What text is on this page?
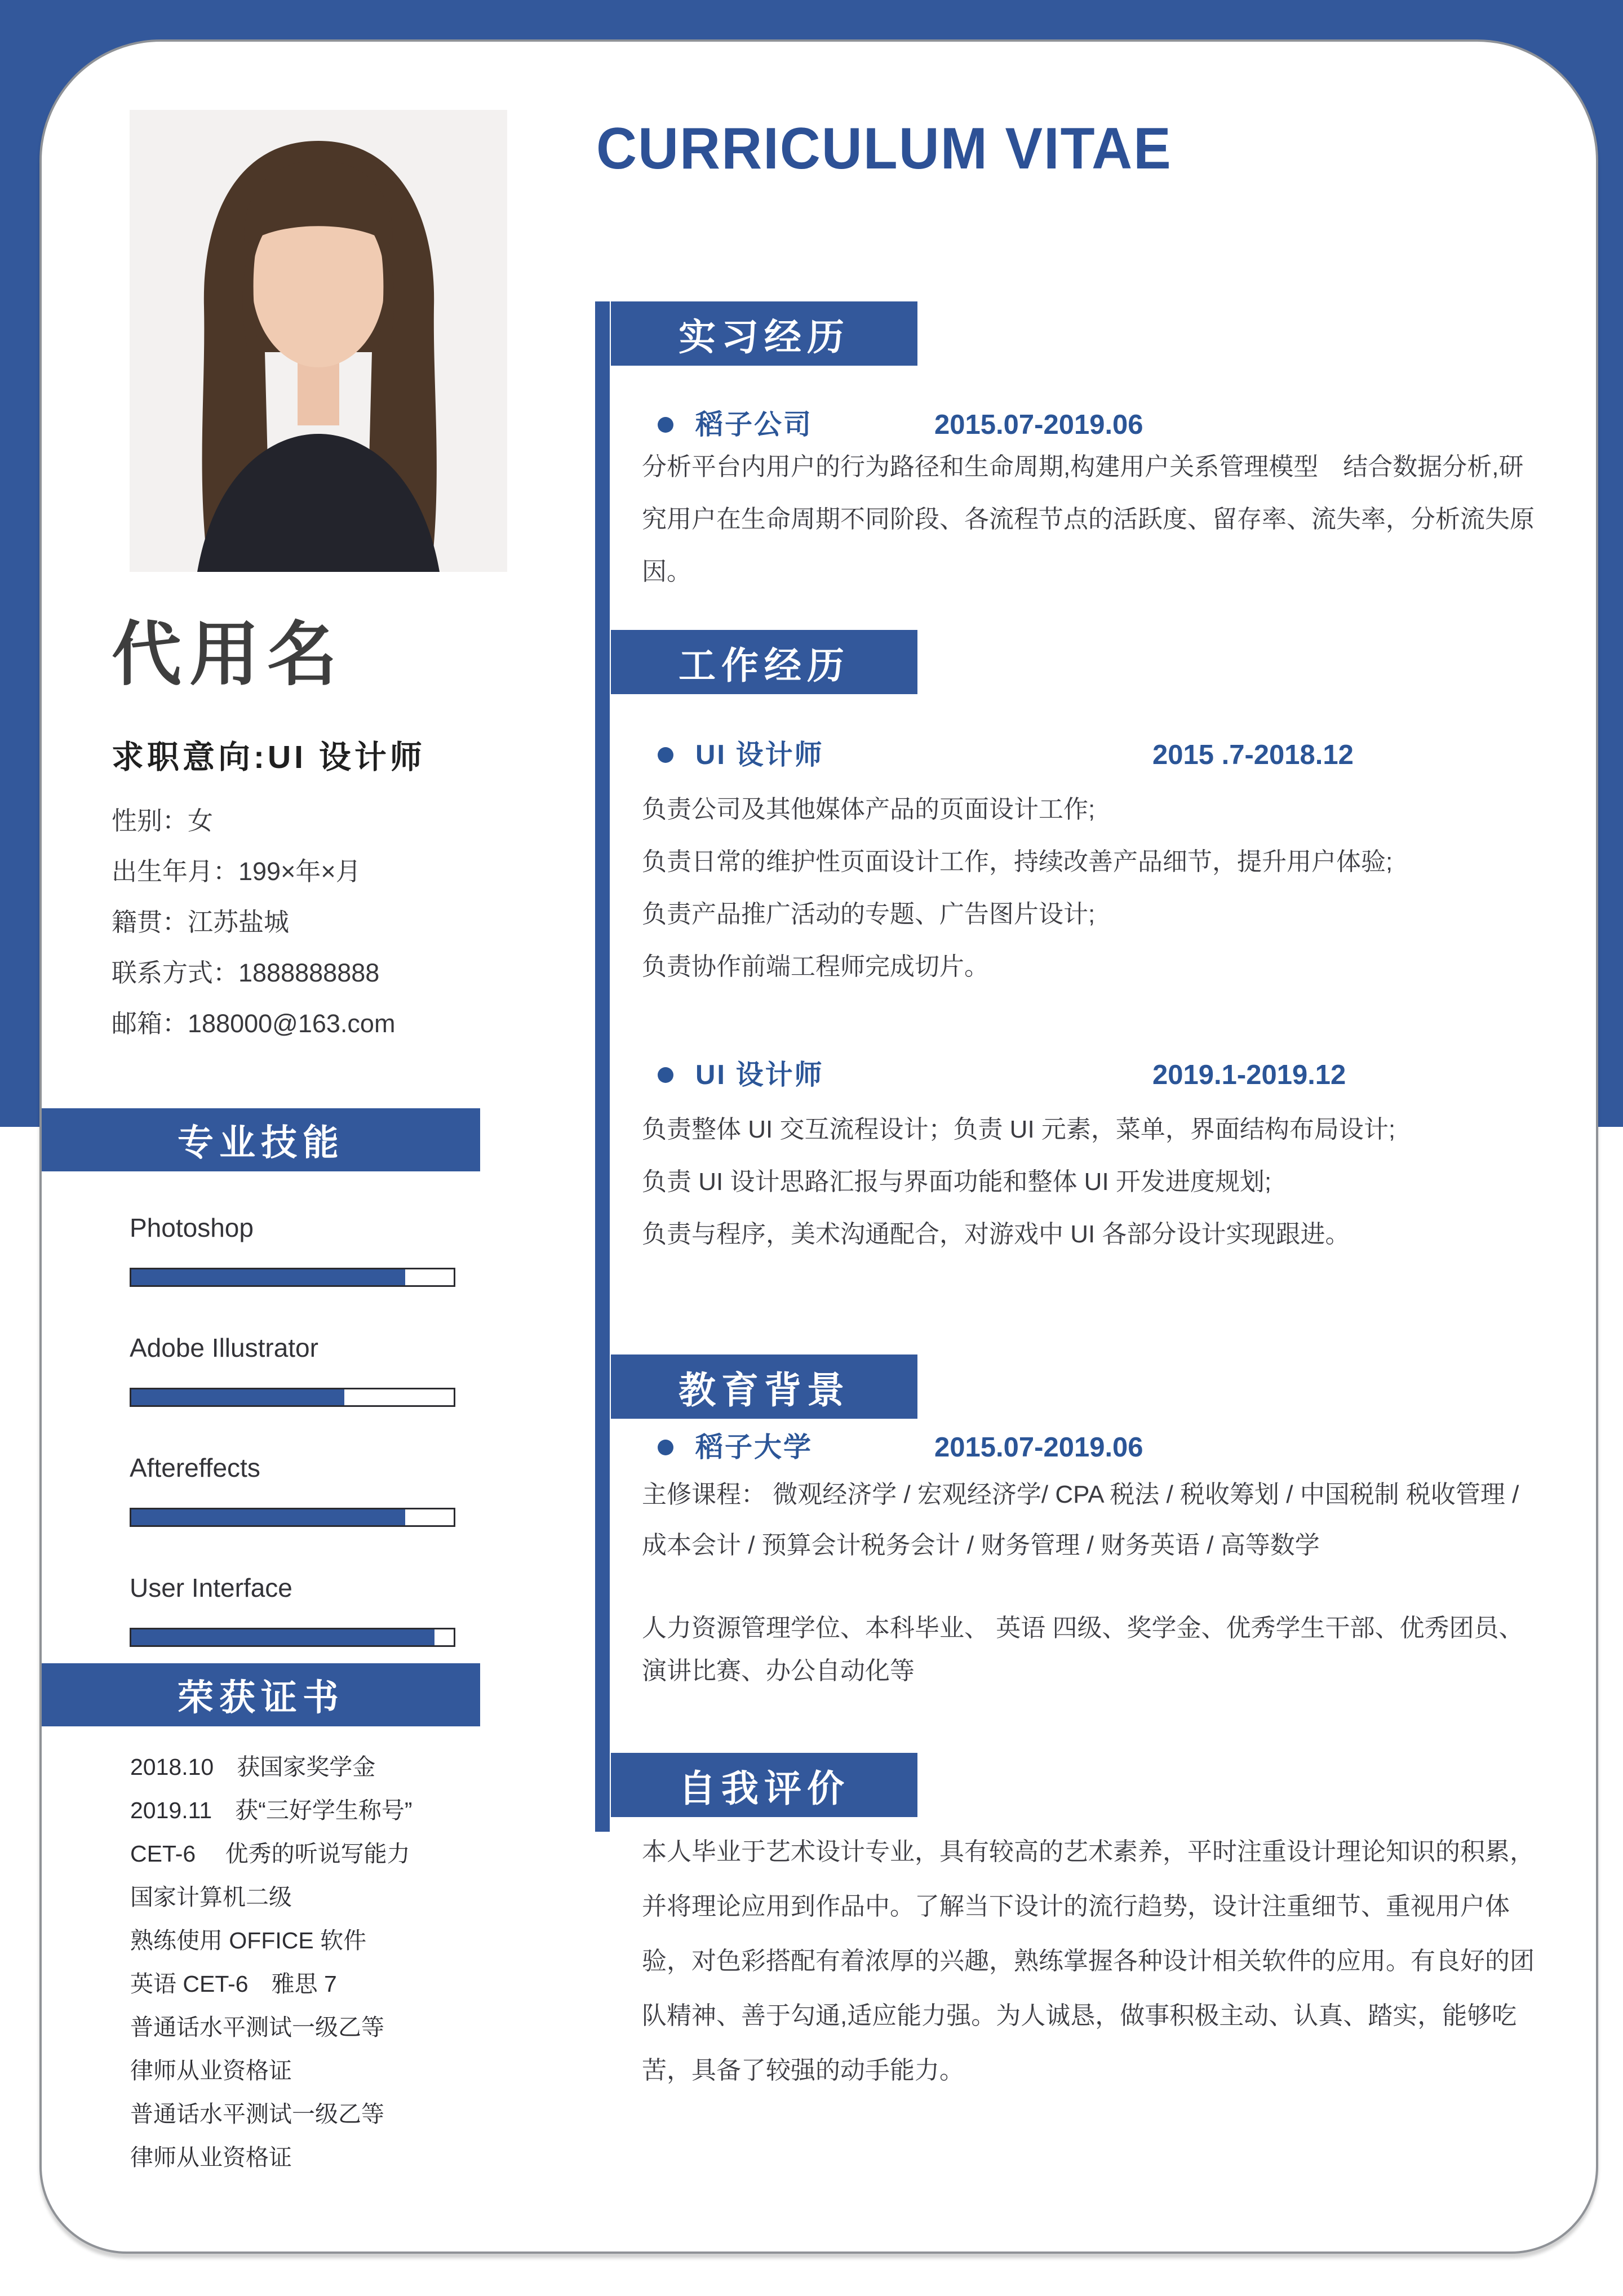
代用名
求职意向:UI 设计师
性别：女
出生年月：199×年×月
籍贯：江苏盐城
联系方式：1888888888
邮箱：188000@163.com
专业技能
Photoshop
Adobe Illustrator
Aftereffects
User Interface
荣获证书
2018.10　获国家奖学金
2019.11　获“三好学生称号”
CET-6　 优秀的听说写能力
国家计算机二级
熟练使用 OFFICE 软件
英语 CET-6　雅思 7
普通话水平测试一级乙等
律师从业资格证
普通话水平测试一级乙等
律师从业资格证
CURRICULUM VITAE
实习经历
稻子公司	2015.07-2019.06
分析平台内用户的行为路径和生命周期,构建用户关系管理模型　结合数据分析,研究用户在生命周期不同阶段、各流程节点的活跃度、留存率、流失率，分析流失原因。
工作经历
UI 设计师	2015 .7-2018.12
负责公司及其他媒体产品的页面设计工作;
负责日常的维护性页面设计工作，持续改善产品细节，提升用户体验;
负责产品推广活动的专题、广告图片设计;
负责协作前端工程师完成切片。
UI 设计师	2019.1-2019.12
负责整体 UI 交互流程设计；负责 UI 元素，菜单，界面结构布局设计;
负责 UI 设计思路汇报与界面功能和整体 UI 开发进度规划;
负责与程序，美术沟通配合，对游戏中 UI 各部分设计实现跟进。
教育背景
稻子大学	2015.07-2019.06
主修课程： 微观经济学 / 宏观经济学/ CPA 税法 / 税收筹划 / 中国税制 税收管理 / 成本会计 / 预算会计税务会计 / 财务管理 / 财务英语 / 高等数学
人力资源管理学位、本科毕业、 英语 四级、奖学金、优秀学生干部、优秀团员、演讲比赛、办公自动化等
自我评价
本人毕业于艺术设计专业，具有较高的艺术素养，平时注重设计理论知识的积累，并将理论应用到作品中。了解当下设计的流行趋势，设计注重细节、重视用户体验，对色彩搭配有着浓厚的兴趣，熟练掌握各种设计相关软件的应用。有良好的团队精神、善于勾通,适应能力强。为人诚恳，做事积极主动、认真、踏实，能够吃苦，具备了较强的动手能力。
